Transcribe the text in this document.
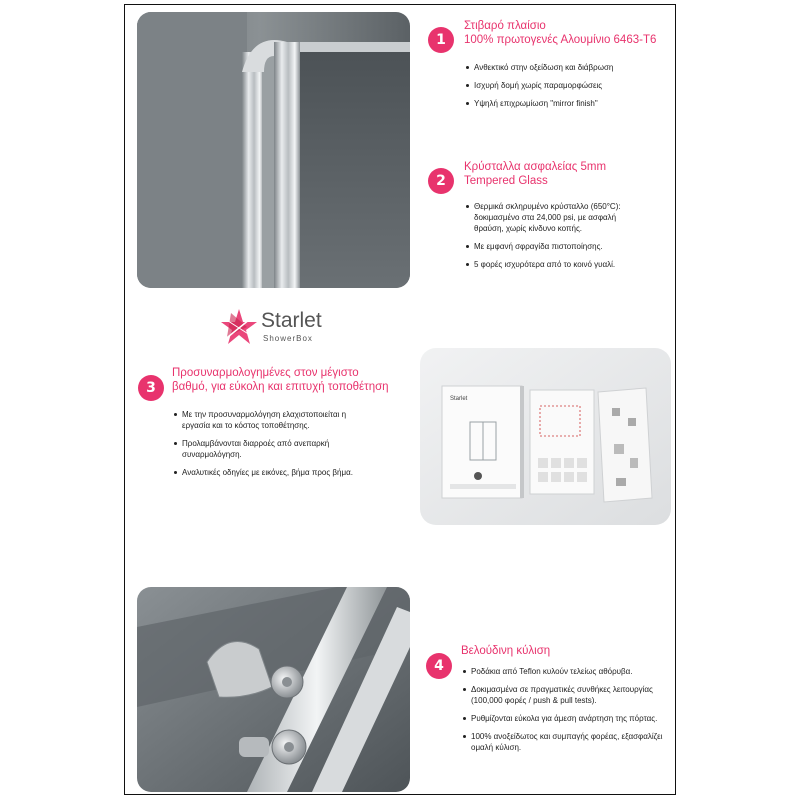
1
Στιβαρό πλαίσιο
100% πρωτογενές Αλουμίνιο 6463-T6
Ανθεκτικό στην οξείδωση και διάβρωση
Ισχυρή δομή χωρίς παραμορφώσεις
Υψηλή επιχρωμίωση "mirror finish"
2
Κρύσταλλα ασφαλείας 5mm
Tempered Glass
Θερμικά σκληρυμένο κρύσταλλο (650°C): δοκιμασμένο στα 24,000 psi, με ασφαλή θραύση, χωρίς κίνδυνο κοπής.
Με εμφανή σφραγίδα πιστοποίησης.
5 φορές ισχυρότερα από το κοινό γυαλί.
Starlet
ShowerBox
3
Προσυναρμολογημένες στον μέγιστο
βαθμό, για εύκολη και επιτυχή τοποθέτηση
Με την προσυναρμολόγηση ελαχιστοποιείται η εργασία και το κόστος τοποθέτησης.
Προλαμβάνονται διαρροές από ανεπαρκή συναρμολόγηση.
Αναλυτικές οδηγίες με εικόνες, βήμα προς βήμα.
Starlet
4
Βελούδινη κύλιση
Ροδάκια από Teflon κυλούν τελείως αθόρυβα.
Δοκιμασμένα σε πραγματικές συνθήκες λειτουργίας (100,000 φορές / push & pull tests).
Ρυθμίζονται εύκολα για άμεση ανάρτηση της πόρτας.
100% ανοξείδωτος και συμπαγής φορέας, εξασφαλίζει ομαλή κύλιση.
